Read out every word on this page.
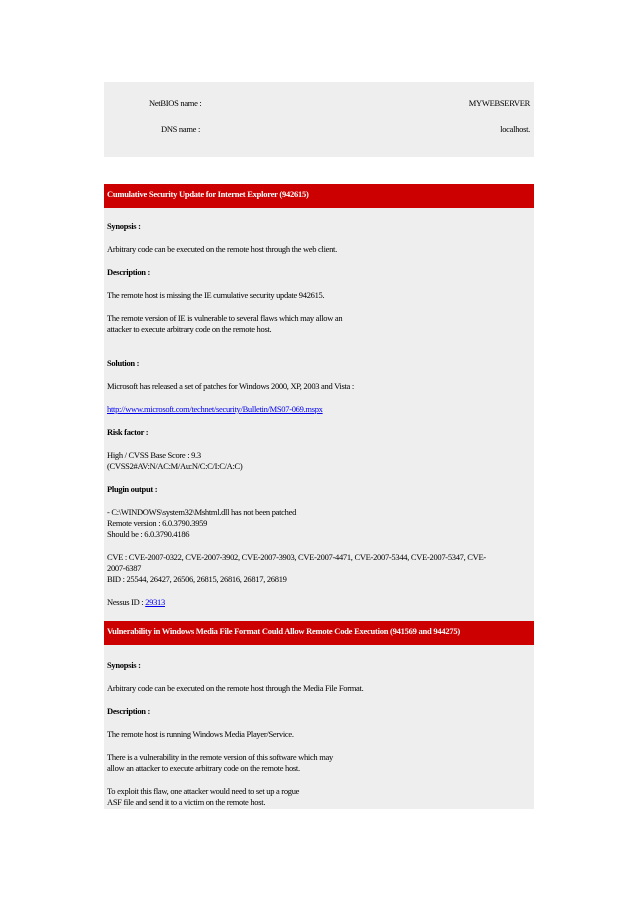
NetBIOS name :	MYWEBSERVER
DNS name :	localhost.
Cumulative Security Update for Internet Explorer (942615)
Synopsis :
Arbitrary code can be executed on the remote host through the web client.
Description :
The remote host is missing the IE cumulative security update 942615.
The remote version of IE is vulnerable to several flaws which may allow an
attacker to execute arbitrary code on the remote host.
Solution :
Microsoft has released a set of patches for Windows 2000, XP, 2003 and Vista :
http://www.microsoft.com/technet/security/Bulletin/MS07-069.mspx
Risk factor :
High / CVSS Base Score : 9.3
(CVSS2#AV:N/AC:M/Au:N/C:C/I:C/A:C)
Plugin output :
- C:\WINDOWS\system32\Mshtml.dll has not been patched
Remote version : 6.0.3790.3959
Should be : 6.0.3790.4186
CVE : CVE-2007-0322, CVE-2007-3902, CVE-2007-3903, CVE-2007-4471, CVE-2007-5344, CVE-2007-5347, CVE-
2007-6387
BID : 25544, 26427, 26506, 26815, 26816, 26817, 26819
Nessus ID : 29313
Vulnerability in Windows Media File Format Could Allow Remote Code Execution (941569 and 944275)
Synopsis :
Arbitrary code can be executed on the remote host through the Media File Format.
Description :
The remote host is running Windows Media Player/Service.
There is a vulnerability in the remote version of this software which may
allow an attacker to execute arbitrary code on the remote host.
To exploit this flaw, one attacker would need to set up a rogue
ASF file and send it to a victim on the remote host.
